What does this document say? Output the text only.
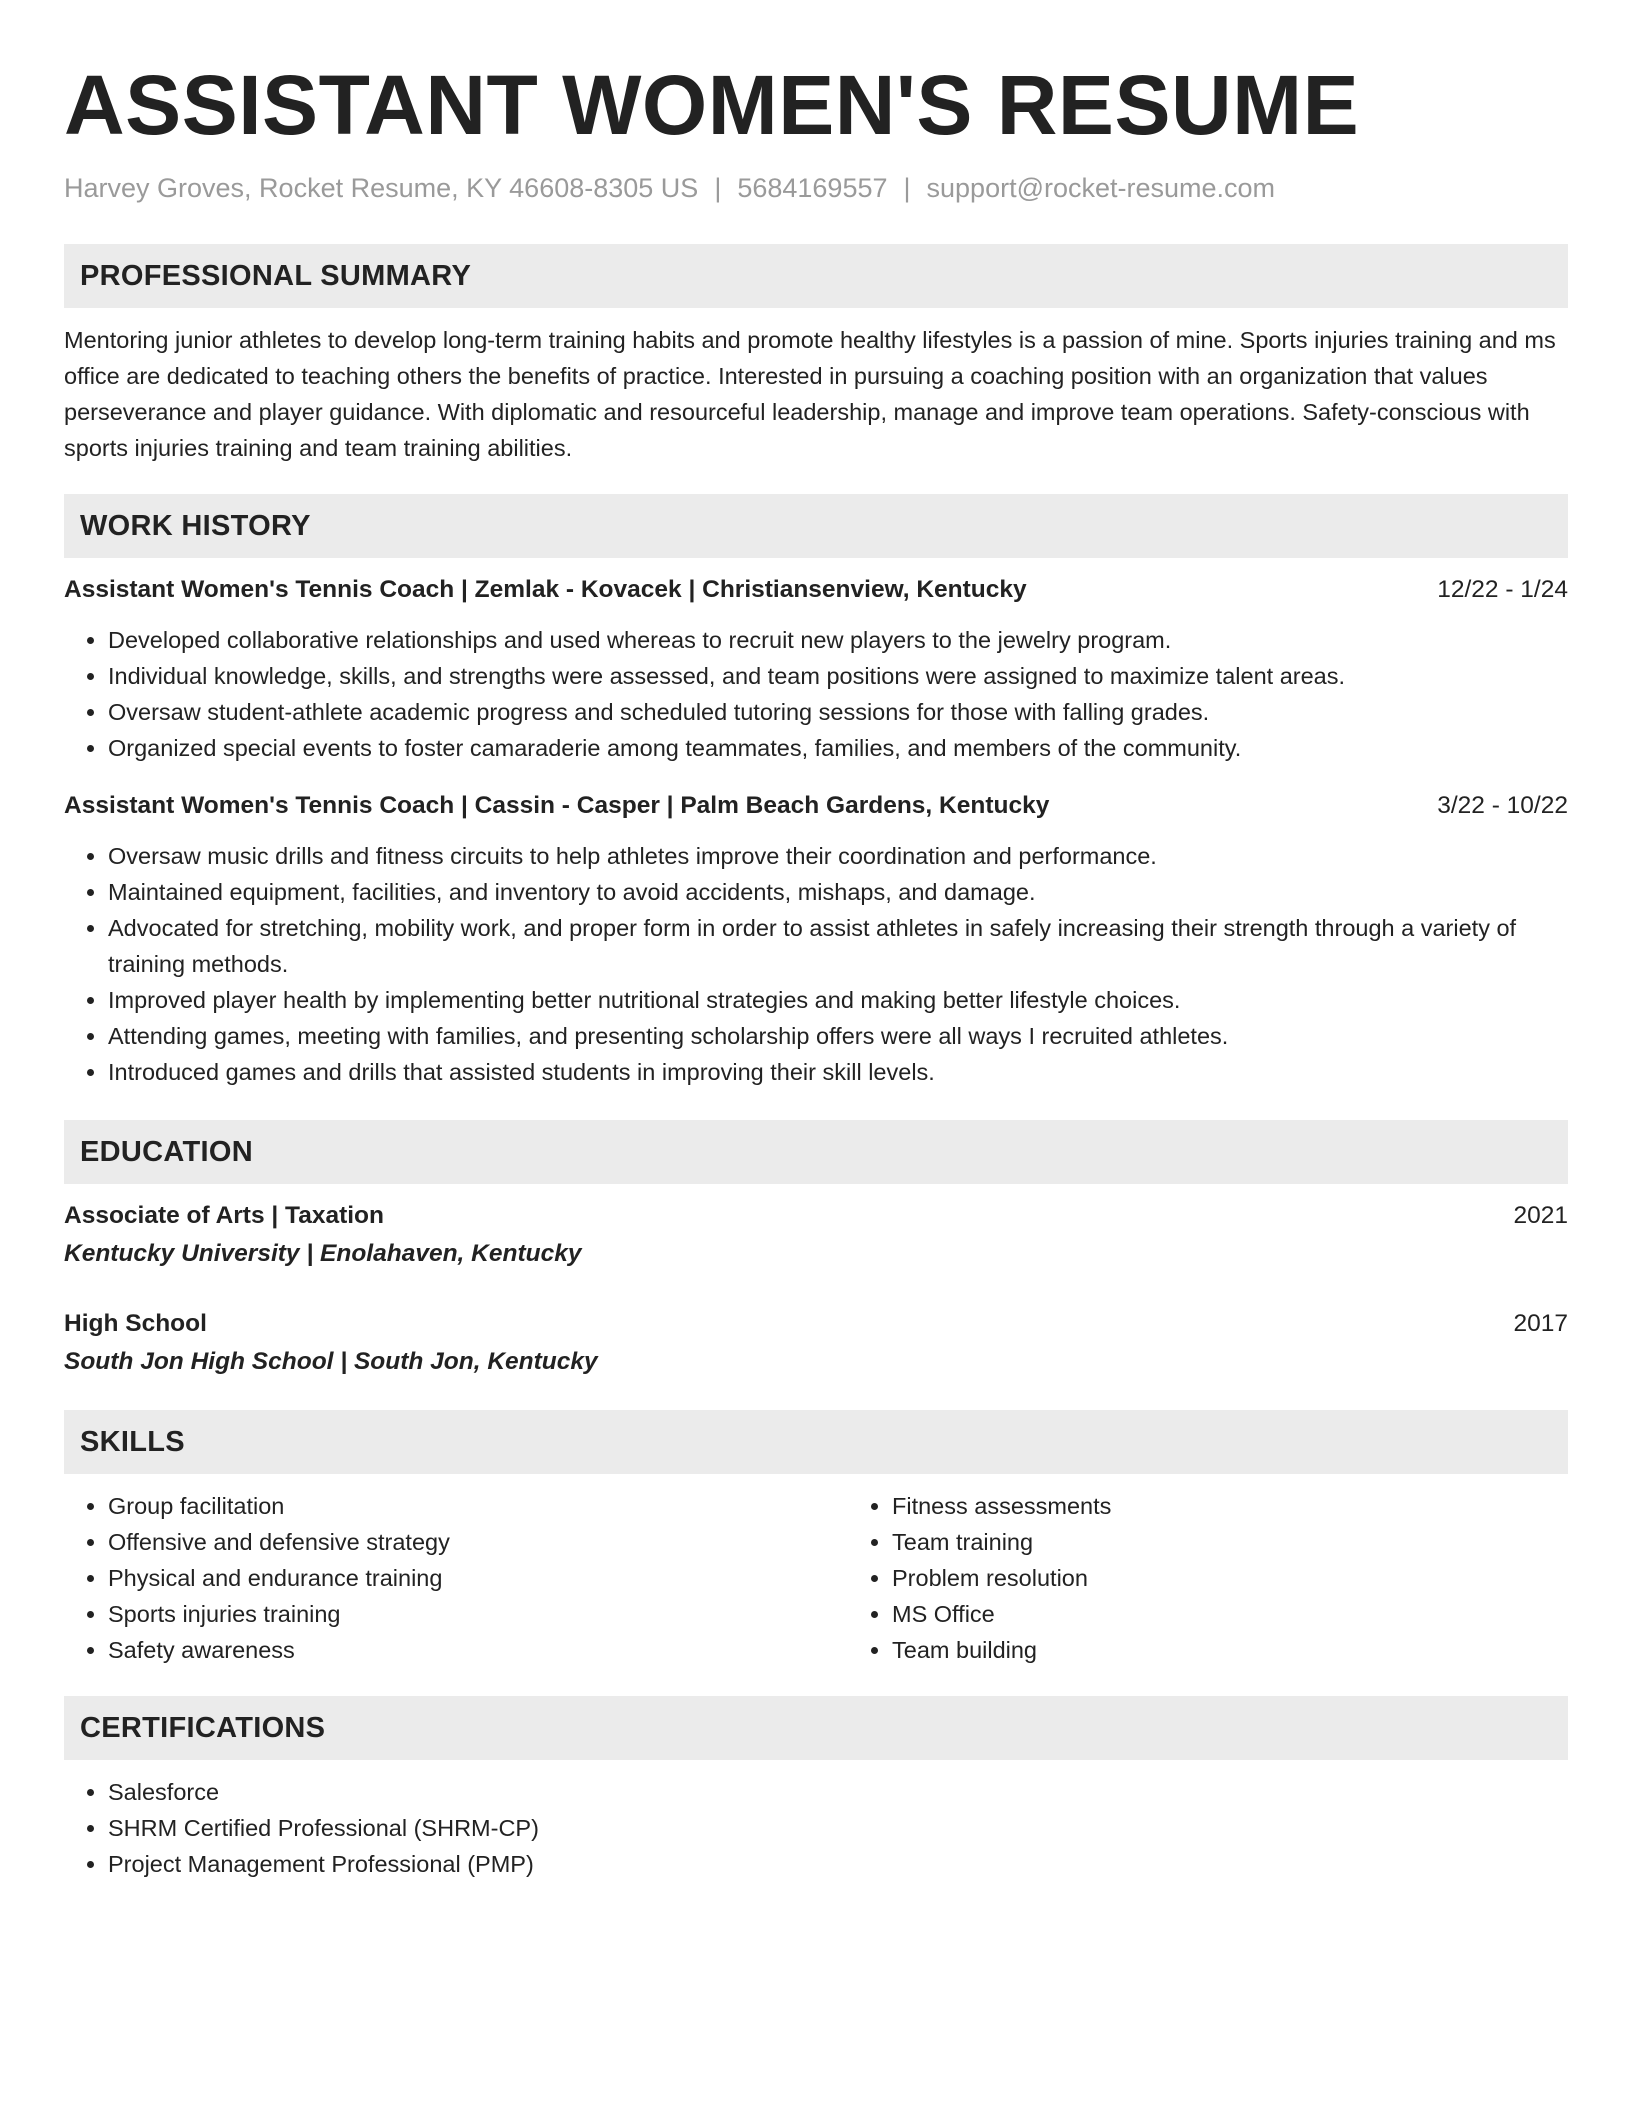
ASSISTANT WOMEN'S RESUME
Harvey Groves, Rocket Resume, KY 46608-8305 US | 5684169557 | support@rocket-resume.com
PROFESSIONAL SUMMARY

Mentoring junior athletes to develop long-term training habits and promote healthy lifestyles is a passion of mine. Sports injuries training and ms office are dedicated to teaching others the benefits of practice. Interested in pursuing a coaching position with an organization that values perseverance and player guidance. With diplomatic and resourceful leadership, manage and improve team operations. Safety-conscious with sports injuries training and team training abilities.

WORK HISTORY
Assistant Women's Tennis Coach | Zemlak - Kovacek | Christiansenview, Kentucky	12/22 - 1/24
• Developed collaborative relationships and used whereas to recruit new players to the jewelry program.
• Individual knowledge, skills, and strengths were assessed, and team positions were assigned to maximize talent areas.
• Oversaw student-athlete academic progress and scheduled tutoring sessions for those with falling grades.
• Organized special events to foster camaraderie among teammates, families, and members of the community.
Assistant Women's Tennis Coach | Cassin - Casper | Palm Beach Gardens, Kentucky	3/22 - 10/22
• Oversaw music drills and fitness circuits to help athletes improve their coordination and performance.
• Maintained equipment, facilities, and inventory to avoid accidents, mishaps, and damage.
• Advocated for stretching, mobility work, and proper form in order to assist athletes in safely increasing their strength through a variety of training methods.
• Improved player health by implementing better nutritional strategies and making better lifestyle choices.
• Attending games, meeting with families, and presenting scholarship offers were all ways I recruited athletes.
• Introduced games and drills that assisted students in improving their skill levels.
EDUCATION
Associate of Arts | Taxation	2021
Kentucky University | Enolahaven, Kentucky
High School	2017
South Jon High School | South Jon, Kentucky
SKILLS
• Group facilitation
• Offensive and defensive strategy
• Physical and endurance training
• Sports injuries training
• Safety awareness
• Fitness assessments
• Team training
• Problem resolution
• MS Office
• Team building
CERTIFICATIONS
• Salesforce
• SHRM Certified Professional (SHRM-CP)
• Project Management Professional (PMP)
